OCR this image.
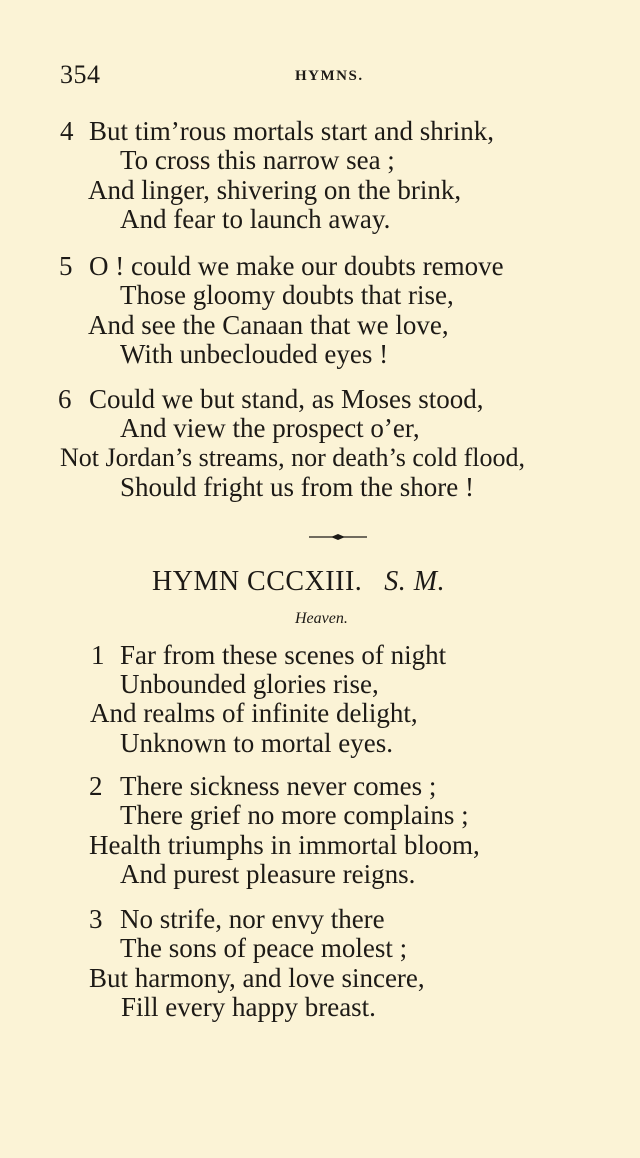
354	HYMNS.
4 But tim’rous mortals start and shrink,
To cross this narrow sea ;
And linger, shivering on the brink,
And fear to launch away.
5 O ! could we make our doubts remove
Those gloomy doubts that rise,
And see the Canaan that we love,
With unbeclouded eyes !
6 Could we but stand, as Moses stood,
And view the prospect o’er,
Not Jordan’s streams, nor death’s cold flood,
Should fright us from the shore !
HYMN CCCXIII. S. M.
Heaven.
1 Far from these scenes of night
Unbounded glories rise,
And realms of infinite delight,
Unknown to mortal eyes.
2 There sickness never comes ;
There grief no more complains ;
Health triumphs in immortal bloom,
And purest pleasure reigns.
3 No strife, nor envy there
The sons of peace molest ;
But harmony, and love sincere,
Fill every happy breast.
